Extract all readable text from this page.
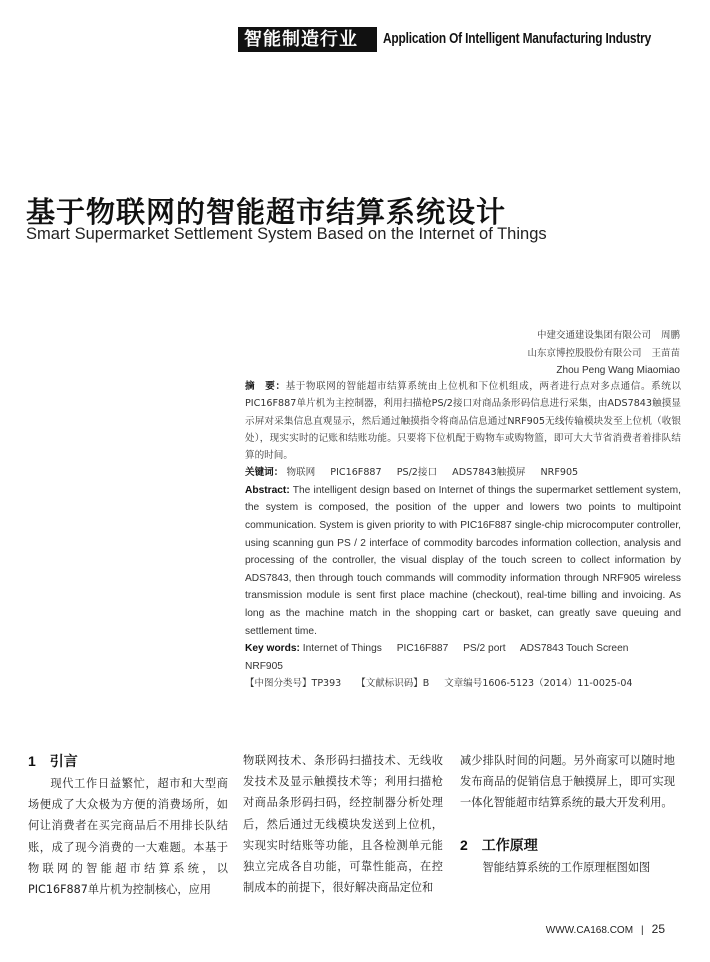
智能制造行业应用
Application Of Intelligent Manufacturing Industry
基于物联网的智能超市结算系统设计
Smart Supermarket Settlement System Based on the Internet of Things
中建交通建设集团有限公司 周鹏
山东京博控股股份有限公司 王苗苗
Zhou Peng Wang Miaomiao
摘　要：基于物联网的智能超市结算系统由上位机和下位机组成，两者进行点对多点通信。系统以PIC16F887单片机为主控制器，利用扫描枪PS/2接口对商品条形码信息进行采集，由ADS7843触摸显示屏对采集信息直观显示，然后通过触摸指令将商品信息通过NRF905无线传输模块发至上位机（收银处），现实实时的记账和结账功能。只要将下位机配于购物车或购物篮，即可大大节省消费者着排队结算的时间。
关键词： 物联网 PIC16F887 PS/2接口 ADS7843触摸屏 NRF905
Abstract: The intelligent design based on Internet of things the supermarket settlement system, the system is composed, the position of the upper and lowers two points to multipoint communication. System is given priority to with PIC16F887 single-chip microcomputer controller, using scanning gun PS / 2 interface of commodity barcodes information collection, analysis and processing of the controller, the visual display of the touch screen to collect information by ADS7843, then through touch commands will commodity information through NRF905 wireless transmission module is sent first place machine (checkout), real-time billing and invoicing. As long as the machine match in the shopping cart or basket, can greatly save queuing and settlement time.
Key words: Internet of Things PIC16F887 PS/2 port ADS7843 Touch Screen
NRF905
【中图分类号】TP393 【文献标识码】B 文章编号1606-5123（2014）11-0025-04
1 引言
现代工作日益繁忙，超市和大型商场便成了大众极为方便的消费场所，如何让消费者在买完商品后不用排长队结账，成了现今消费的一大难题。本基于物联网的智能超市结算系统，以PIC16F887单片机为控制核心，应用
物联网技术、条形码扫描技术、无线收发技术及显示触摸技术等；利用扫描枪对商品条形码扫码，经控制器分析处理后，然后通过无线模块发送到上位机，实现实时结账等功能，且各检测单元能独立完成各自功能，可靠性能高，在控制成本的前提下，很好解决商品定位和
减少排队时间的问题。另外商家可以随时地发布商品的促销信息于触摸屏上，即可实现一体化智能超市结算系统的最大开发利用。
2 工作原理
智能结算系统的工作原理框图如图
WWW.CA168.COM | 25
